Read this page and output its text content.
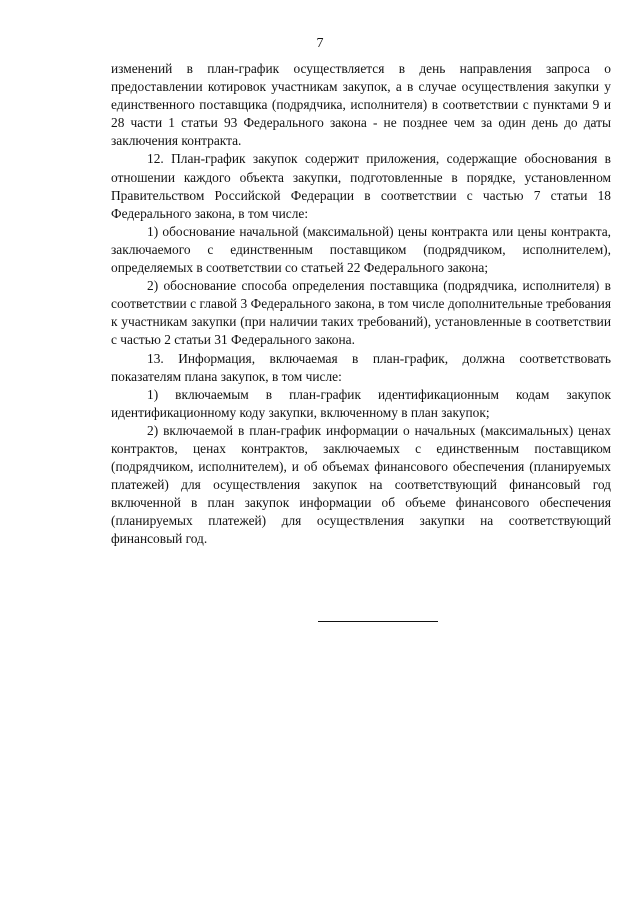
7

изменений в план-график осуществляется в день направления запроса о предоставлении котировок участникам закупок, а в случае осуществления закупки у единственного поставщика (подрядчика, исполнителя) в соответствии с пунктами 9 и 28 части 1 статьи 93 Федерального закона - не позднее чем за один день до даты заключения контракта.

12. План-график закупок содержит приложения, содержащие обоснования в отношении каждого объекта закупки, подготовленные в порядке, установленном Правительством Российской Федерации в соответствии с частью 7 статьи 18 Федерального закона, в том числе:

1) обоснование начальной (максимальной) цены контракта или цены контракта, заключаемого с единственным поставщиком (подрядчиком, исполнителем), определяемых в соответствии со статьей 22 Федерального закона;

2) обоснование способа определения поставщика (подрядчика, исполнителя) в соответствии с главой 3 Федерального закона, в том числе дополнительные требования к участникам закупки (при наличии таких требований), установленные в соответствии с частью 2 статьи 31 Федерального закона.

13. Информация, включаемая в план-график, должна соответствовать показателям плана закупок, в том числе:

1) включаемым в план-график идентификационным кодам закупок идентификационному коду закупки, включенному в план закупок;

2) включаемой в план-график информации о начальных (максимальных) ценах контрактов, ценах контрактов, заключаемых с единственным поставщиком (подрядчиком, исполнителем), и об объемах финансового обеспечения (планируемых платежей) для осуществления закупок на соответствующий финансовый год включенной в план закупок информации об объеме финансового обеспечения (планируемых платежей) для осуществления закупки на соответствующий финансовый год.
